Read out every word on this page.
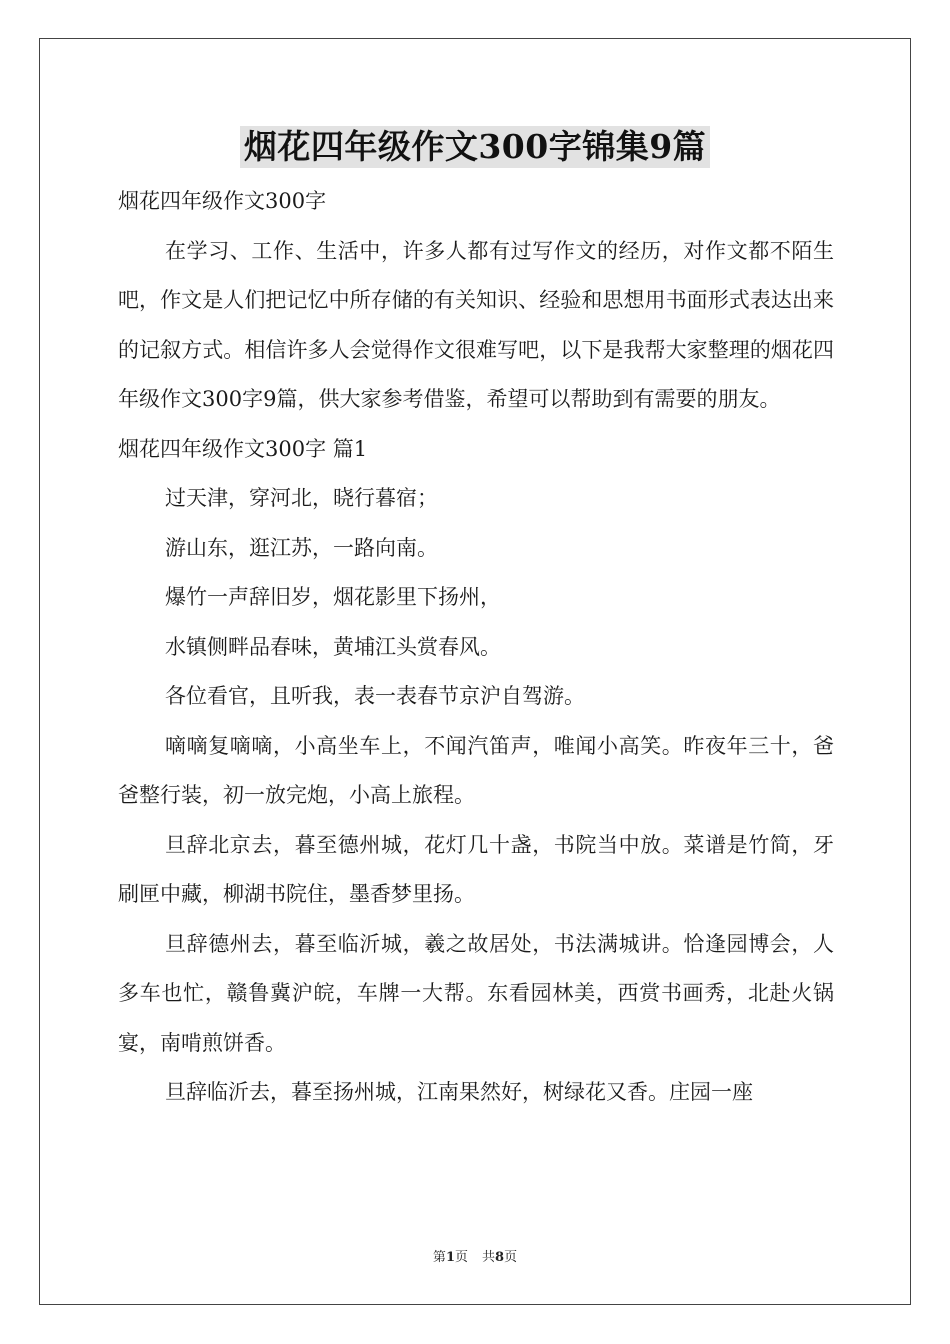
烟花四年级作文300字锦集9篇
烟花四年级作文300字
在学习、工作、生活中，许多人都有过写作文的经历，对作文都不陌生吧，作文是人们把记忆中所存储的有关知识、经验和思想用书面形式表达出来的记叙方式。相信许多人会觉得作文很难写吧，以下是我帮大家整理的烟花四年级作文300字9篇，供大家参考借鉴，希望可以帮助到有需要的朋友。
烟花四年级作文300字 篇1
过天津，穿河北，晓行暮宿；
游山东，逛江苏，一路向南。
爆竹一声辞旧岁，烟花影里下扬州，
水镇侧畔品春味，黄埔江头赏春风。
各位看官，且听我，表一表春节京沪自驾游。
嘀嘀复嘀嘀，小高坐车上，不闻汽笛声，唯闻小高笑。昨夜年三十，爸爸整行装，初一放完炮，小高上旅程。
旦辞北京去，暮至德州城，花灯几十盏，书院当中放。菜谱是竹简，牙刷匣中藏，柳湖书院住，墨香梦里扬。
旦辞德州去，暮至临沂城，羲之故居处，书法满城讲。恰逢园博会，人多车也忙，赣鲁冀沪皖，车牌一大帮。东看园林美，西赏书画秀，北赴火锅宴，南啃煎饼香。
旦辞临沂去，暮至扬州城，江南果然好，树绿花又香。庄园一座
第1页 共8页
